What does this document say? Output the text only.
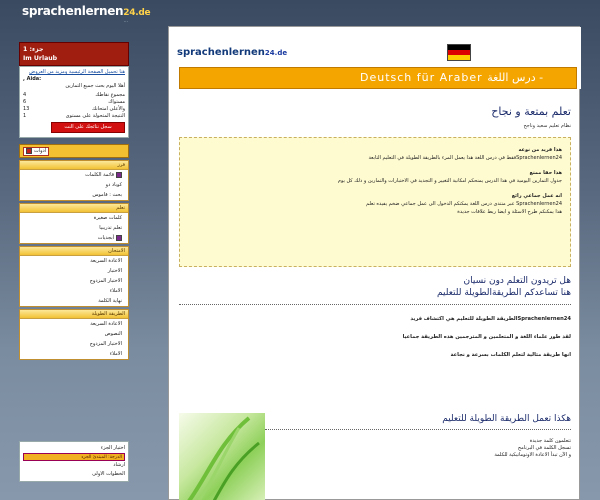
sprachenlernen24.de
...
1 :جزء
Im Urlaub
هنا تحميل الصفحة الرئيسية ومزيد من العروض
, Aida:
أهلا اليوم بحث جميع التمارين
مجموع نقاطك
4
مستواك
6
والأعلى امتحانك
13
النتيجة المتحولة على مستوى
1
سجل نتائجك على النت
أدوات
فرز
قائمة الكلمات
كوباد دو
بحث : قاموس
تعلم
كلمات صغيرة
تعلم تدريبيا
أبجديات
الامتحان
الاعادة السريعة
الاختبار
الاختبار المزدوج
الاملاء
نهاية الكلمة
الطريقة الطويلة
الاعادة السريعة
النصوص
الاختبار المزدوج
الاملاء
اختيار الجزء
الدرجة: المبتدئ الجزء
ارشاد
الخطوات الاولى
sprachenlernen24.de
Deutsch für Araber درس اللغة -
تعلم بمتعة و نجاح
نظام تعليم سعيد وناجح
هذا فريد من نوعه
Sprachenlernen24فقط في درس اللغة هذا يعمل المرء بالطريقة الطويلة في التعليم التابعة
هذا حقا ممتع
جدول التمارين اليومية في هذا الدرس يمنحكم امكانية التغيير و التجديد في الاختبارات والتمارين و ذلك كل يوم
انه عمل جماعي رائع
Sprachenlernen24 عبر منتدى درس اللغة يمكنكم الدخول الى عمل جماعي ضخم يفيده تعلم
هذا يمكنكم طرح الاسئلة و ايضا ربط علاقات جديدة
هل تريدون التعلم دون نسيان
هنا تساعدكم الطريقةالطويلة للتعليم
Sprachenlernen24الطريقة الطويلة للتعليم هي اكتشاف فريد
لقد طور علماء اللغة و المتعلمين و المترجمين هذه الطريقة جماعيا
انها طريقة مثالية لتعلم الكلمات بسرعة و نجاعة
هكذا تعمل الطريقة الطويلة للتعليم
تتعلمون كلمة جديدة
تسجل الكلمة في البرنامج
و الآن تبدأ الاعادة الاوتوماتيكية للكلمة
